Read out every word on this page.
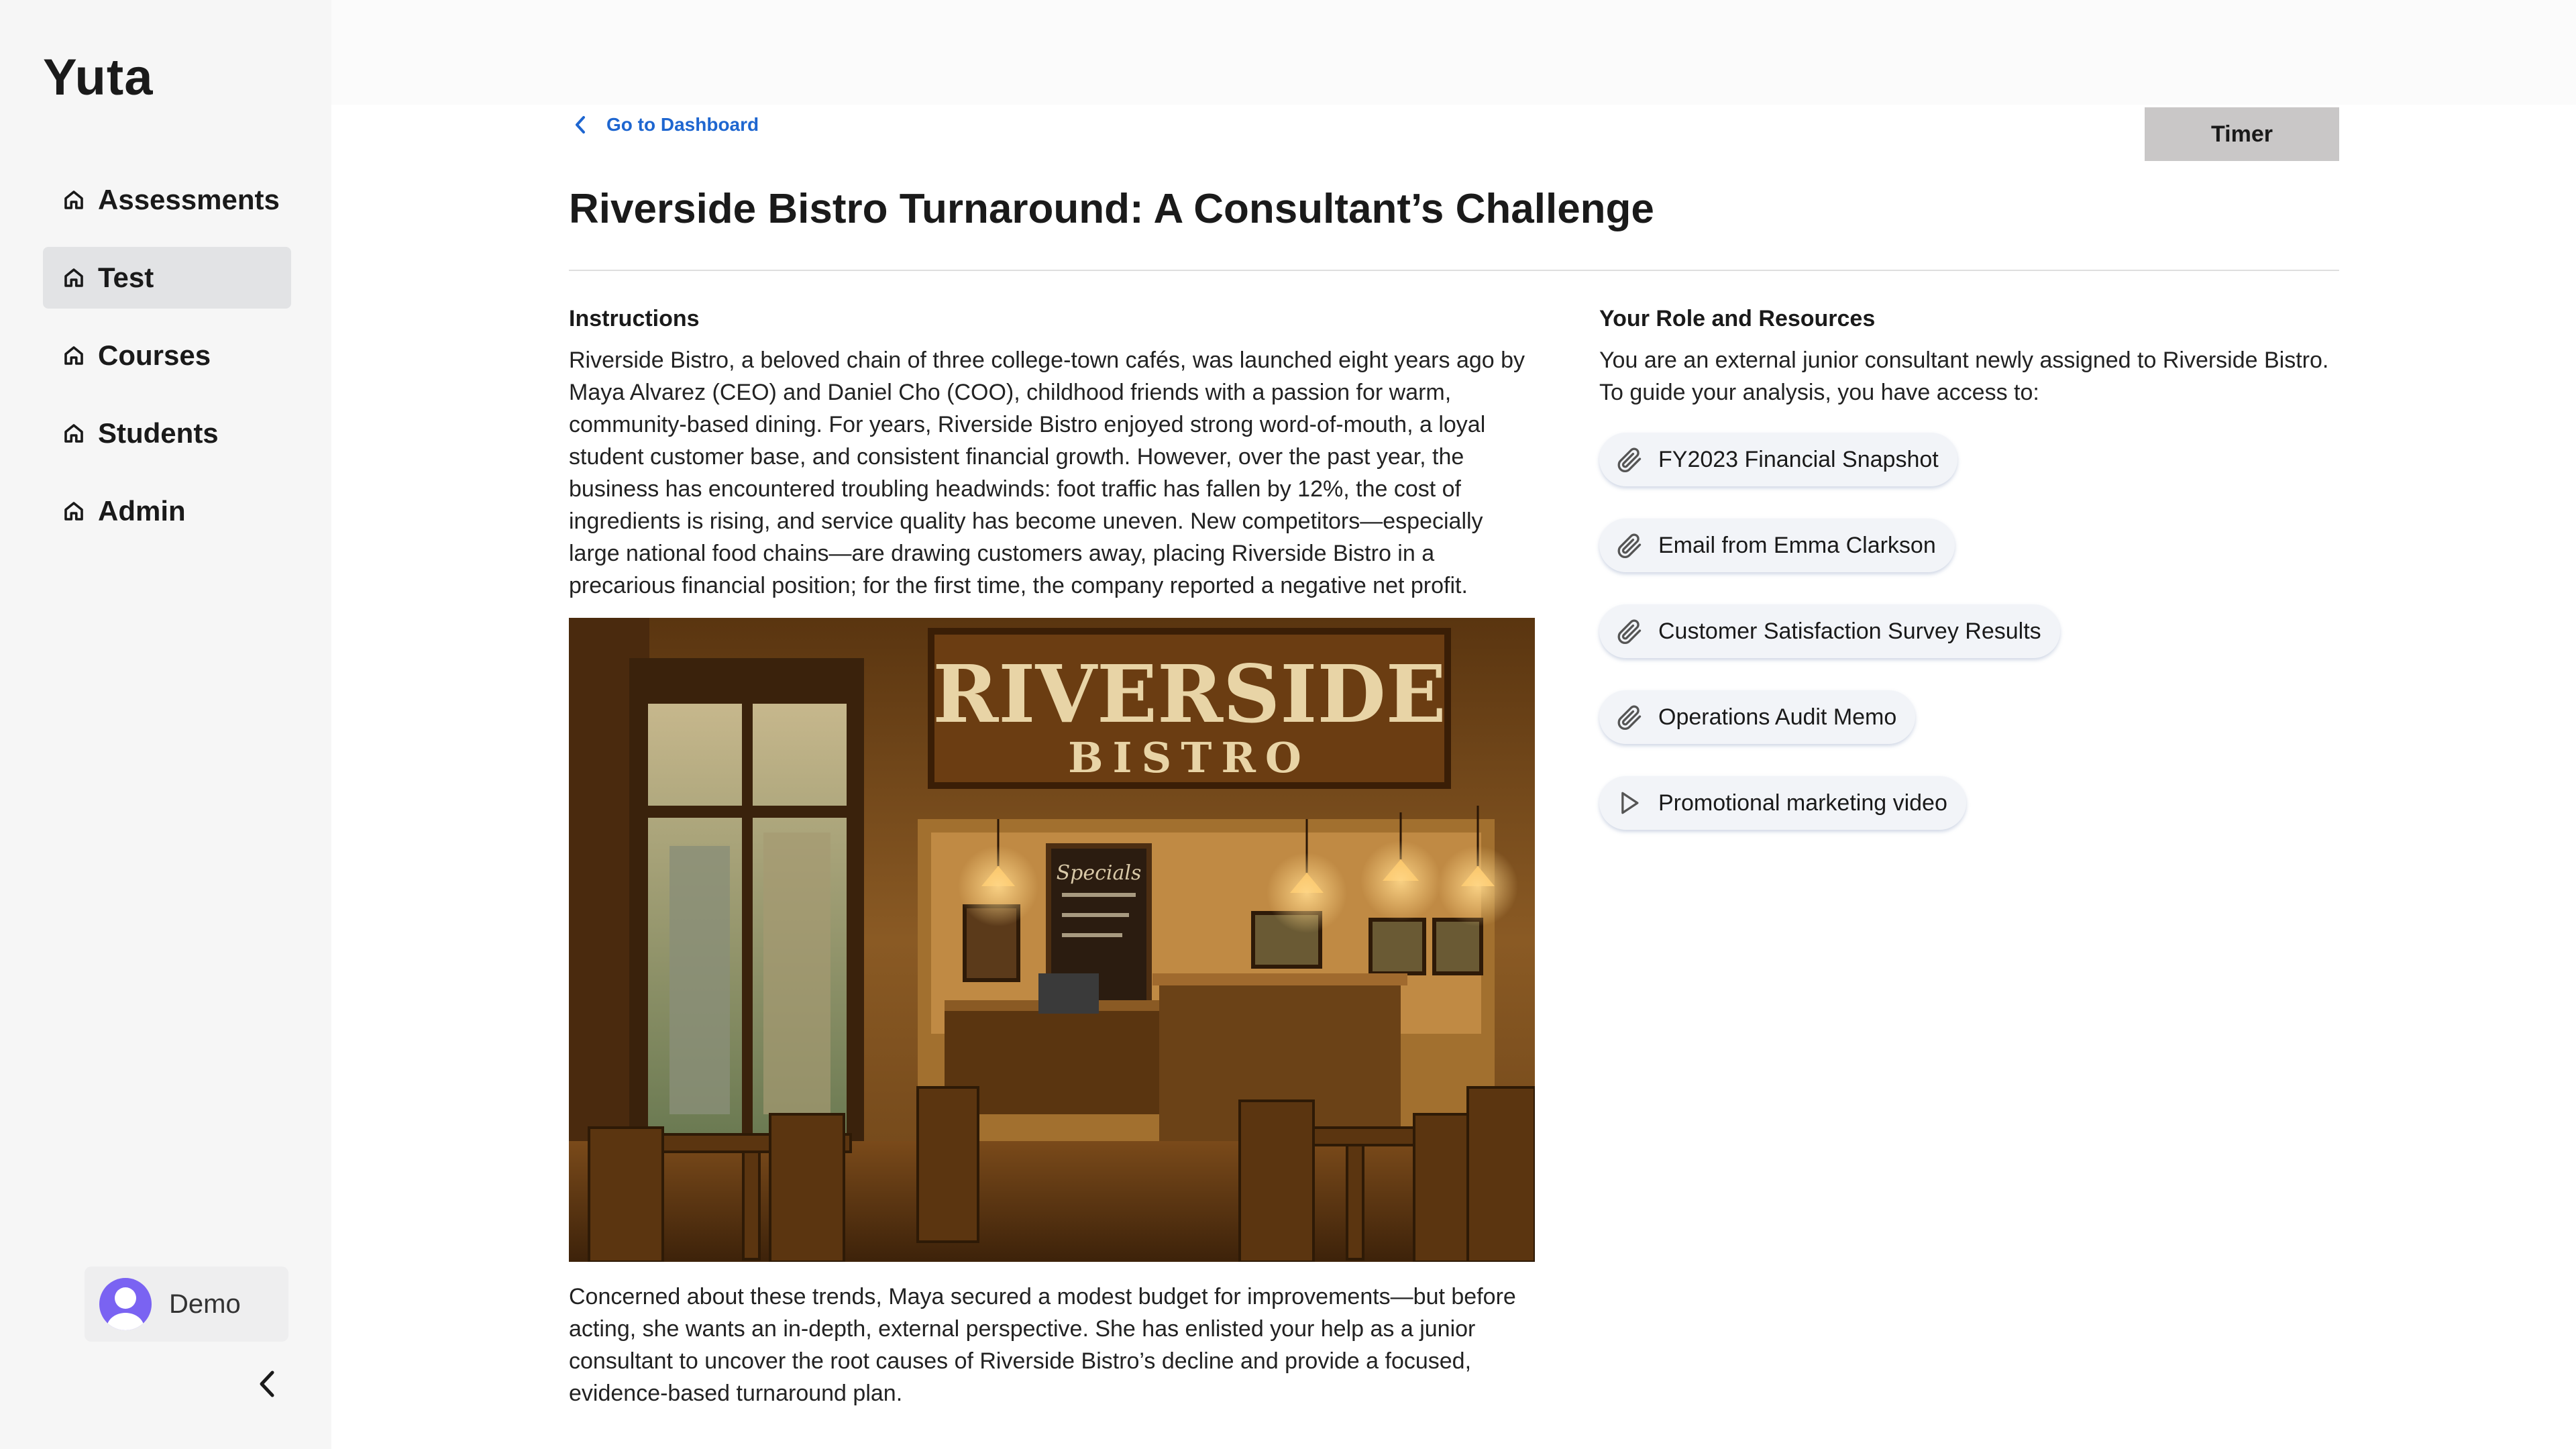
Yuta
Assessments
Test
Courses
Students
Admin
Demo
Go to Dashboard	Timer
Riverside Bistro Turnaround: A Consultant’s Challenge
Instructions

Riverside Bistro, a beloved chain of three college-town cafés, was launched eight years ago by Maya Alvarez (CEO) and Daniel Cho (COO), childhood friends with a passion for warm, community-based dining. For years, Riverside Bistro enjoyed strong word-of-mouth, a loyal student customer base, and consistent financial growth. However, over the past year, the business has encountered troubling headwinds: foot traffic has fallen by 12%, the cost of ingredients is rising, and service quality has become uneven. New competitors—especially large national food chains—are drawing customers away, placing Riverside Bistro in a precarious financial position; for the first time, the company reported a negative net profit.

RIVERSIDE
BISTRO
Specials

Concerned about these trends, Maya secured a modest budget for improvements—but before acting, she wants an in-depth, external perspective. She has enlisted your help as a junior consultant to uncover the root causes of Riverside Bistro’s decline and provide a focused, evidence-based turnaround plan.

Your Role and Resources

You are an external junior consultant newly assigned to Riverside Bistro. To guide your analysis, you have access to:

FY2023 Financial Snapshot
Email from Emma Clarkson
Customer Satisfaction Survey Results
Operations Audit Memo
Promotional marketing video
